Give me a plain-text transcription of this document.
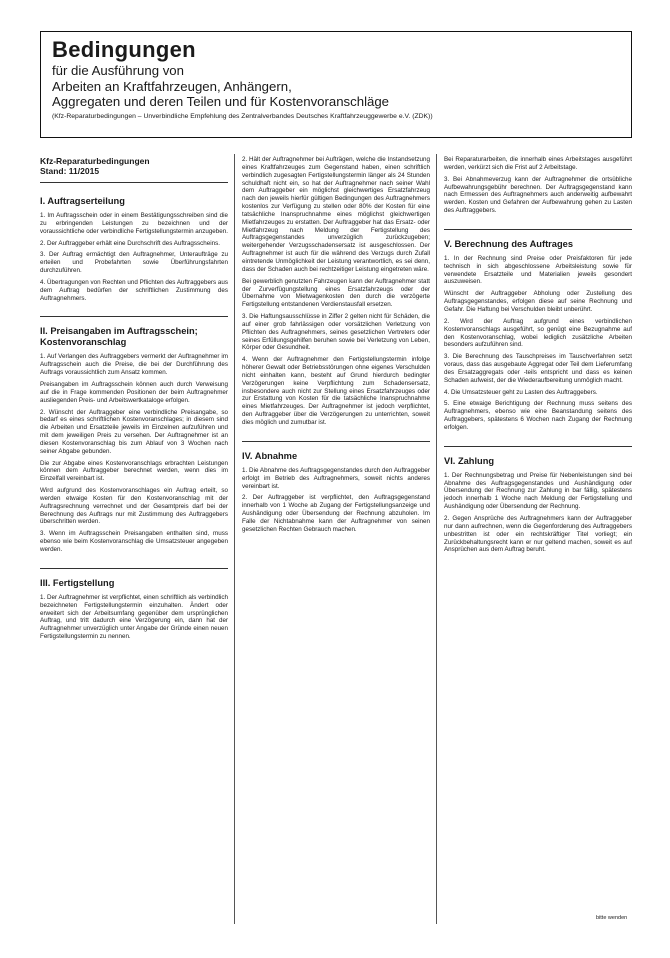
Bedingungen
für die Ausführung von
Arbeiten an Kraftfahrzeugen, Anhängern,
Aggregaten und deren Teilen und für Kostenvoranschläge
(Kfz-Reparaturbedingungen – Unverbindliche Empfehlung des Zentralverbandes Deutsches Kraftfahrzeuggewerbe e.V. (ZDK))
Kfz-Reparaturbedingungen
Stand: 11/2015
I. Auftragserteilung

1. Im Auftragsschein oder in einem Bestätigungsschreiben sind die zu erbringenden Leistungen zu bezeichnen und der voraussichtliche oder verbindliche Fertigstellungstermin anzugeben.

2. Der Auftraggeber erhält eine Durchschrift des Auftragsscheins.

3. Der Auftrag ermächtigt den Auftragnehmer, Unteraufträge zu erteilen und Probefahrten sowie Überführungsfahrten durchzuführen.

4. Übertragungen von Rechten und Pflichten des Auftraggebers aus dem Auftrag bedürfen der schriftlichen Zustimmung des Auftragnehmers.

II. Preisangaben im Auftragsschein; Kostenvoranschlag

1. Auf Verlangen des Auftraggebers vermerkt der Auftragnehmer im Auftragsschein auch die Preise, die bei der Durchführung des Auftrags voraussichtlich zum Ansatz kommen.

Preisangaben im Auftragsschein können auch durch Verweisung auf die in Frage kommenden Positionen der beim Auftragnehmer ausliegenden Preis- und Arbeitswertkataloge erfolgen.

2. Wünscht der Auftraggeber eine verbindliche Preisangabe, so bedarf es eines schriftlichen Kostenvoranschlages; in diesem sind die Arbeiten und Ersatzteile jeweils im Einzelnen aufzuführen und mit dem jeweiligen Preis zu versehen. Der Auftragnehmer ist an diesen Kostenvoranschlag bis zum Ablauf von 3 Wochen nach seiner Abgabe gebunden.

Die zur Abgabe eines Kostenvoranschlags erbrachten Leistungen können dem Auftraggeber berechnet werden, wenn dies im Einzelfall vereinbart ist.

Wird aufgrund des Kostenvoranschlages ein Auftrag erteilt, so werden etwaige Kosten für den Kostenvoranschlag mit der Auftragsrechnung verrechnet und der Gesamtpreis darf bei der Berechnung des Auftrags nur mit Zustimmung des Auftraggebers überschritten werden.

3. Wenn im Auftragsschein Preisangaben enthalten sind, muss ebenso wie beim Kostenvoranschlag die Umsatzsteuer angegeben werden.

III. Fertigstellung

1. Der Auftragnehmer ist verpflichtet, einen schriftlich als verbindlich bezeichneten Fertigstellungstermin einzuhalten. Ändert oder erweitert sich der Arbeitsumfang gegenüber dem ursprünglichen Auftrag, und tritt dadurch eine Verzögerung ein, dann hat der Auftragnehmer unverzüglich unter Angabe der Gründe einen neuen Fertigstellungstermin zu nennen.

2. Hält der Auftragnehmer bei Aufträgen, welche die Instandsetzung eines Kraftfahrzeuges zum Gegenstand haben, einen schriftlich verbindlich zugesagten Fertigstellungstermin länger als 24 Stunden schuldhaft nicht ein, so hat der Auftragnehmer nach seiner Wahl dem Auftraggeber ein möglichst gleichwertiges Ersatzfahrzeug nach den jeweils hierfür gültigen Bedingungen des Auftragnehmers kostenlos zur Verfügung zu stellen oder 80% der Kosten für eine tatsächliche Inanspruchnahme eines möglichst gleichwertigen Mietfahrzeuges zu erstatten. Der Auftraggeber hat das Ersatz- oder Mietfahrzeug nach Meldung der Fertigstellung des Auftragsgegenstandes unverzüglich zurückzugeben; weitergehender Verzugsschadensersatz ist ausgeschlossen. Der Auftragnehmer ist auch für die während des Verzugs durch Zufall eintretende Unmöglichkeit der Leistung verantwortlich, es sei denn, dass der Schaden auch bei rechtzeitiger Leistung eingetreten wäre.

Bei gewerblich genutzten Fahrzeugen kann der Auftragnehmer statt der Zurverfügungstellung eines Ersatzfahrzeugs oder der Übernahme von Mietwagenkosten den durch die verzögerte Fertigstellung entstandenen Verdienstausfall ersetzen.

3. Die Haftungsausschlüsse in Ziffer 2 gelten nicht für Schäden, die auf einer grob fahrlässigen oder vorsätzlichen Verletzung von Pflichten des Auftragnehmers, seines gesetzlichen Vertreters oder seines Erfüllungsgehilfen beruhen sowie bei Verletzung von Leben, Körper oder Gesundheit.

4. Wenn der Auftragnehmer den Fertigstellungstermin infolge höherer Gewalt oder Betriebsstörungen ohne eigenes Verschulden nicht einhalten kann, besteht auf Grund hierdurch bedingter Verzögerungen keine Verpflichtung zum Schadensersatz, insbesondere auch nicht zur Stellung eines Ersatzfahrzeuges oder zur Erstattung von Kosten für die tatsächliche Inanspruchnahme eines Mietfahrzeuges. Der Auftragnehmer ist jedoch verpflichtet, den Auftraggeber über die Verzögerungen zu unterrichten, soweit dies möglich und zumutbar ist.

IV. Abnahme

1. Die Abnahme des Auftragsgegenstandes durch den Auftraggeber erfolgt im Betrieb des Auftragnehmers, soweit nichts anderes vereinbart ist.

2. Der Auftraggeber ist verpflichtet, den Auftragsgegenstand innerhalb von 1 Woche ab Zugang der Fertigstellungsanzeige und Aushändigung oder Übersendung der Rechnung abzuholen. Im Falle der Nichtabnahme kann der Auftragnehmer von seinen gesetzlichen Rechten Gebrauch machen.

Bei Reparaturarbeiten, die innerhalb eines Arbeitstages ausgeführt werden, verkürzt sich die Frist auf 2 Arbeitstage.

3. Bei Abnahmeverzug kann der Auftragnehmer die ortsübliche Aufbewahrungsgebühr berechnen. Der Auftragsgegenstand kann nach Ermessen des Auftragnehmers auch anderweitig aufbewahrt werden. Kosten und Gefahren der Aufbewahrung gehen zu Lasten des Auftraggebers.

V. Berechnung des Auftrages

1. In der Rechnung sind Preise oder Preisfaktoren für jede technisch in sich abgeschlossene Arbeitsleistung sowie für verwendete Ersatzteile und Materialien jeweils gesondert auszuweisen.

Wünscht der Auftraggeber Abholung oder Zustellung des Auftragsgegenstandes, erfolgen diese auf seine Rechnung und Gefahr. Die Haftung bei Verschulden bleibt unberührt.

2. Wird der Auftrag aufgrund eines verbindlichen Kostenvoranschlags ausgeführt, so genügt eine Bezugnahme auf den Kostenvoranschlag, wobei lediglich zusätzliche Arbeiten besonders aufzuführen sind.

3. Die Berechnung des Tauschpreises im Tauschverfahren setzt voraus, dass das ausgebaute Aggregat oder Teil dem Lieferumfang des Ersatzaggregats oder -teils entspricht und dass es keinen Schaden aufweist, der die Wiederaufbereitung unmöglich macht.

4. Die Umsatzsteuer geht zu Lasten des Auftraggebers.

5. Eine etwaige Berichtigung der Rechnung muss seitens des Auftragnehmers, ebenso wie eine Beanstandung seitens des Auftraggebers, spätestens 6 Wochen nach Zugang der Rechnung erfolgen.

VI. Zahlung

1. Der Rechnungsbetrag und Preise für Nebenleistungen sind bei Abnahme des Auftragsgegenstandes und Aushändigung oder Übersendung der Rechnung zur Zahlung in bar fällig, spätestens jedoch innerhalb 1 Woche nach Meldung der Fertigstellung und Aushändigung oder Übersendung der Rechnung.

2. Gegen Ansprüche des Auftragnehmers kann der Auftraggeber nur dann aufrechnen, wenn die Gegenforderung des Auftraggebers unbestritten ist oder ein rechtskräftiger Titel vorliegt; ein Zurückbehaltungsrecht kann er nur geltend machen, soweit es auf Ansprüchen aus dem Auftrag beruht.

bitte wenden
